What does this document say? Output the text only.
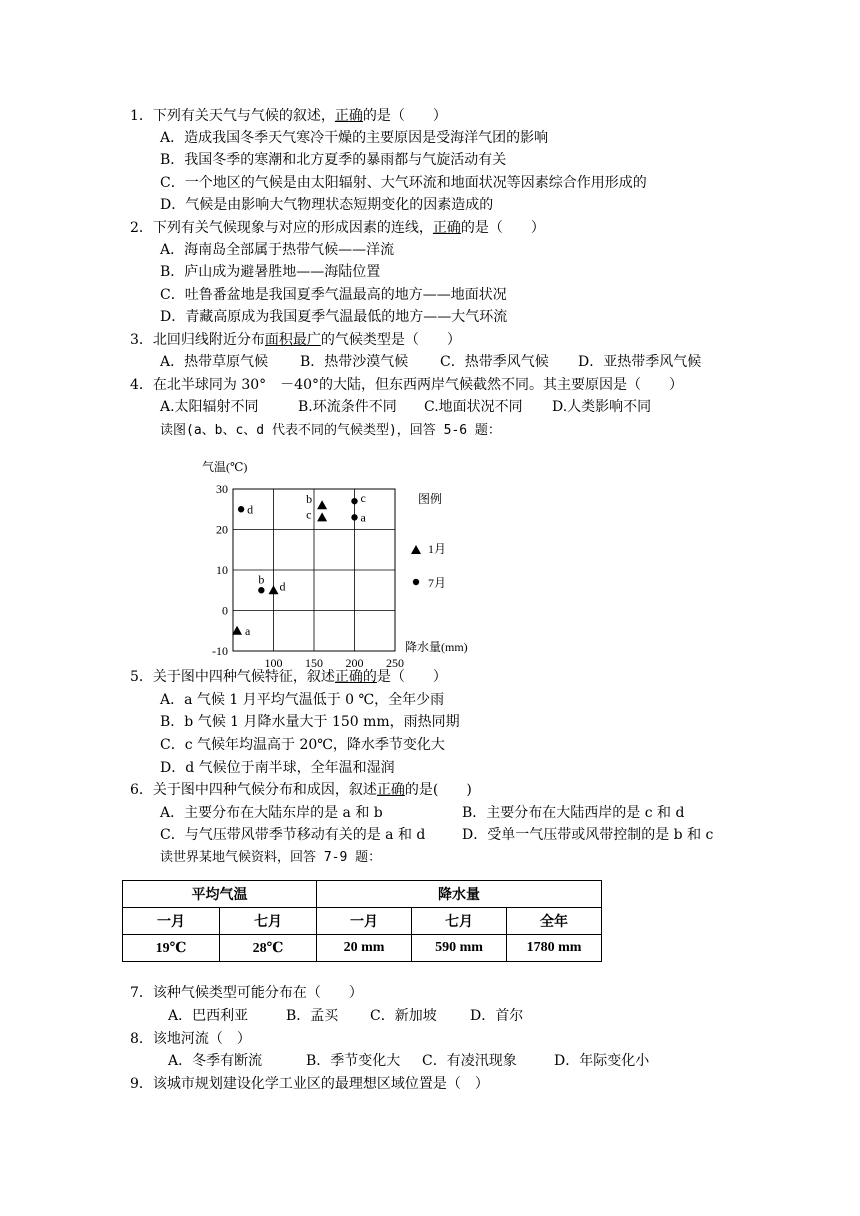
1．下列有关天气与气候的叙述，正确的是（　　）
A．造成我国冬季天气寒冷干燥的主要原因是受海洋气团的影响
B．我国冬季的寒潮和北方夏季的暴雨都与气旋活动有关
C．一个地区的气候是由太阳辐射、大气环流和地面状况等因素综合作用形成的
D．气候是由影响大气物理状态短期变化的因素造成的
2．下列有关气候现象与对应的形成因素的连线，正确的是（　　）
A．海南岛全部属于热带气候——洋流
B．庐山成为避暑胜地——海陆位置
C．吐鲁番盆地是我国夏季气温最高的地方——地面状况
D．青藏高原成为我国夏季气温最低的地方——大气环流
3．北回归线附近分布面积最广的气候类型是（　　）
A．热带草原气候 B．热带沙漠气候 C．热带季风气候 D．亚热带季风气候
4．在北半球同为 30°　－40°的大陆，但东西两岸气候截然不同。其主要原因是（　　）
A.太阳辐射不同	B.环流条件不同 C.地面状况不同 D.人类影响不同
读图(a、b、c、d 代表不同的气候类型)，回答 5-6 题：
30
20
10
0
-10
100 150 200 250
气温(℃)
降水量(mm)
图例
1月
7月
a
d
b
c
d
b
c
a
5．关于图中四种气候特征，叙述正确的是（　　）
A．a 气候 1 月平均气温低于 0 ℃，全年少雨
B．b 气候 1 月降水量大于 150 mm，雨热同期
C．c 气候年均温高于 20℃，降水季节变化大
D．d 气候位于南半球，全年温和湿润
6．关于图中四种气候分布和成因，叙述正确的是(　　)
A．主要分布在大陆东岸的是 a 和 b	B．主要分布在大陆西岸的是 c 和 d
C．与气压带风带季节移动有关的是 a 和 d	D．受单一气压带或风带控制的是 b 和 c
读世界某地气候资料，回答 7-9 题：
平均气温		降水量		
一月	七月	一月	七月	全年
19℃	28℃	20 mm	590 mm	1780 mm
7．该种气候类型可能分布在（　　）
A．巴西利亚	B．孟买 C．新加坡 D．首尔
8．该地河流（　）
A．冬季有断流	B．季节变化大 C．有凌汛现象	D．年际变化小
9．该城市规划建设化学工业区的最理想区域位置是（　）
